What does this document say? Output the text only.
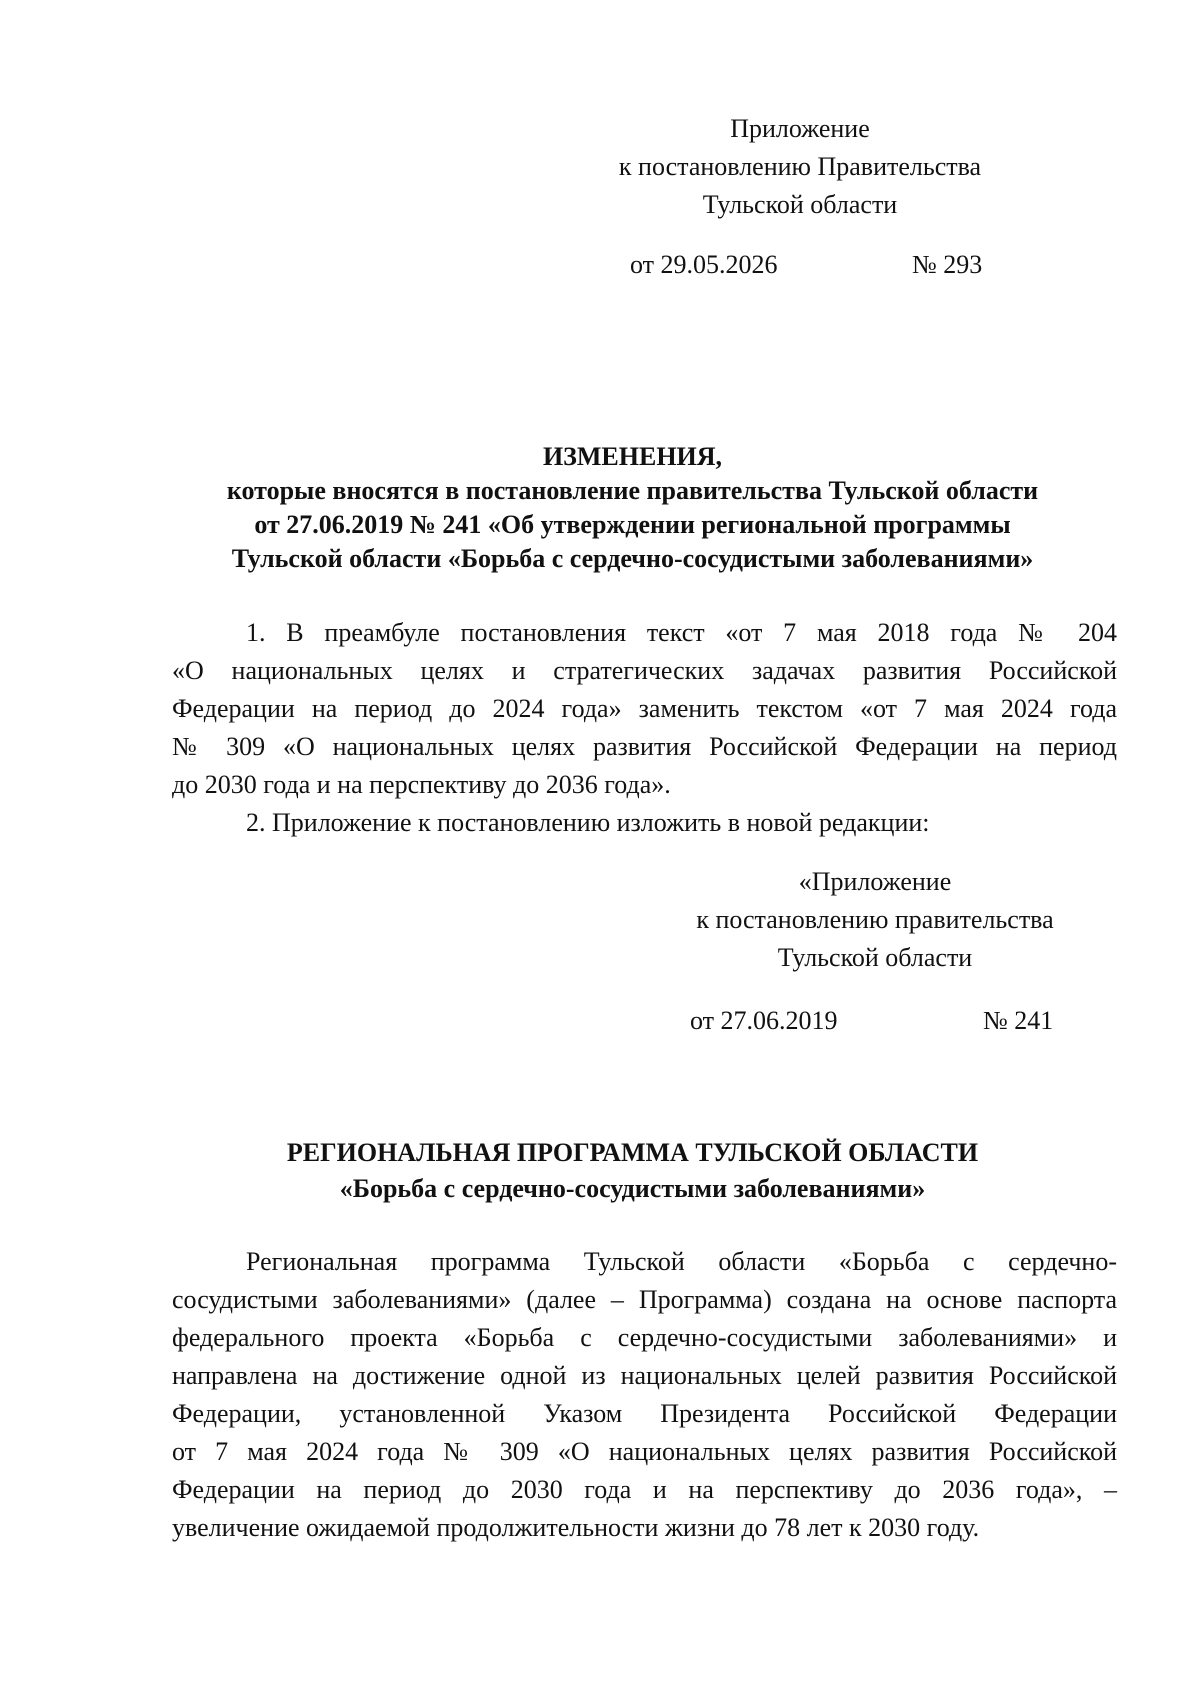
Приложение
к постановлению Правительства
Тульской области
от 29.05.2026	№ 293
ИЗМЕНЕНИЯ,
которые вносятся в постановление правительства Тульской области
от 27.06.2019 № 241 «Об утверждении региональной программы
Тульской области «Борьба с сердечно-сосудистыми заболеваниями»
1. В преамбуле постановления текст «от 7 мая 2018 года № 204
«О национальных целях и стратегических задачах развития Российской
Федерации на период до 2024 года» заменить текстом «от 7 мая 2024 года
№ 309 «О национальных целях развития Российской Федерации на период
до 2030 года и на перспективу до 2036 года».
2. Приложение к постановлению изложить в новой редакции:
«Приложение
к постановлению правительства
Тульской области
от 27.06.2019	№ 241
РЕГИОНАЛЬНАЯ ПРОГРАММА ТУЛЬСКОЙ ОБЛАСТИ
«Борьба с сердечно-сосудистыми заболеваниями»
Региональная программа Тульской области «Борьба с сердечно-
сосудистыми заболеваниями» (далее – Программа) создана на основе паспорта
федерального проекта «Борьба с сердечно-сосудистыми заболеваниями» и
направлена на достижение одной из национальных целей развития Российской
Федерации, установленной Указом Президента Российской Федерации
от 7 мая 2024 года № 309 «О национальных целях развития Российской
Федерации на период до 2030 года и на перспективу до 2036 года», –
увеличение ожидаемой продолжительности жизни до 78 лет к 2030 году.
